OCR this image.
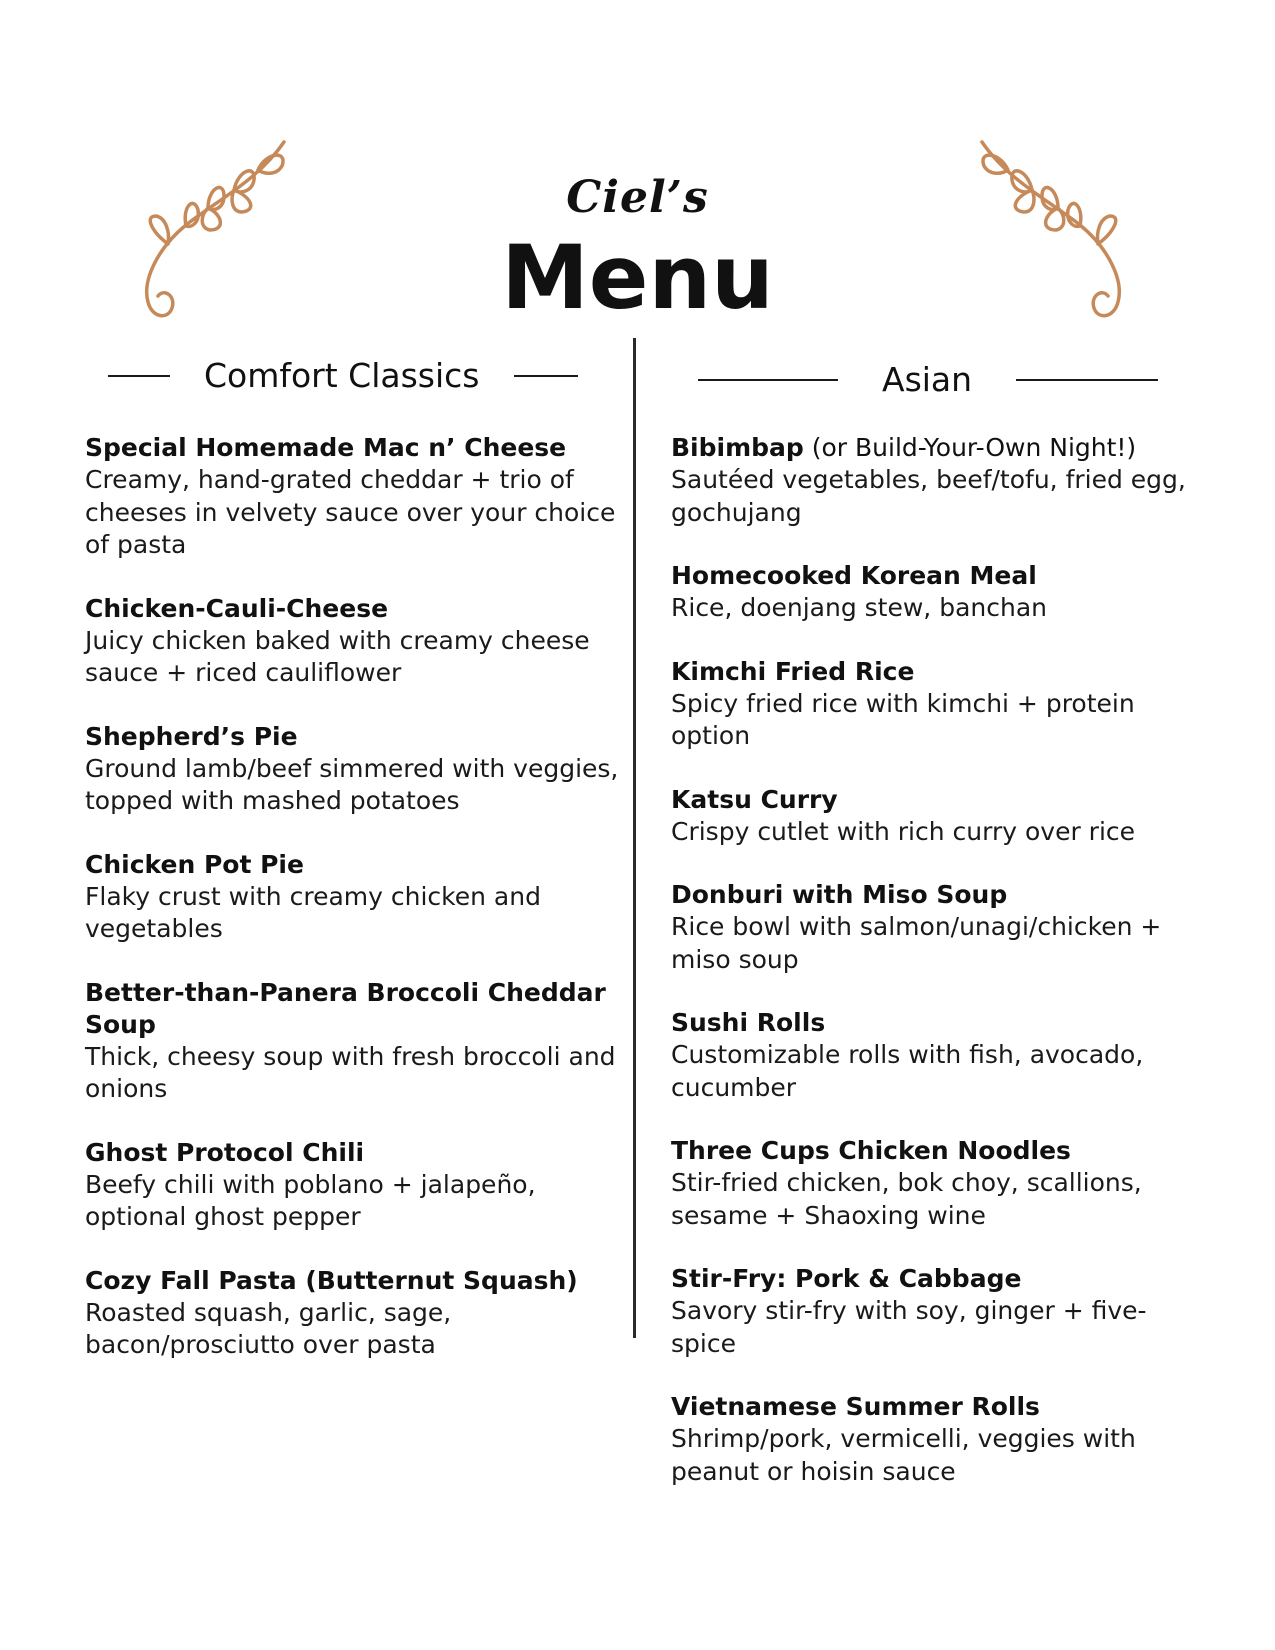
Ciel’s
Menu
Comfort Classics	Asian
Special Homemade Mac n’ Cheese
Creamy, hand-grated cheddar + trio of cheeses in velvety sauce over your choice of pasta
Chicken-Cauli-Cheese
Juicy chicken baked with creamy cheese sauce + riced cauliflower
Shepherd’s Pie
Ground lamb/beef simmered with veggies, topped with mashed potatoes
Chicken Pot Pie
Flaky crust with creamy chicken and vegetables
Better-than-Panera Broccoli Cheddar Soup
Thick, cheesy soup with fresh broccoli and onions
Ghost Protocol Chili
Beefy chili with poblano + jalapeño, optional ghost pepper
Cozy Fall Pasta (Butternut Squash)
Roasted squash, garlic, sage, bacon/prosciutto over pasta
Bibimbap (or Build-Your-Own Night!)
Sautéed vegetables, beef/tofu, fried egg, gochujang
Homecooked Korean Meal
Rice, doenjang stew, banchan
Kimchi Fried Rice
Spicy fried rice with kimchi + protein option
Katsu Curry
Crispy cutlet with rich curry over rice
Donburi with Miso Soup
Rice bowl with salmon/unagi/chicken + miso soup
Sushi Rolls
Customizable rolls with fish, avocado, cucumber
Three Cups Chicken Noodles
Stir-fried chicken, bok choy, scallions, sesame + Shaoxing wine
Stir-Fry: Pork & Cabbage
Savory stir-fry with soy, ginger + five-spice
Vietnamese Summer Rolls
Shrimp/pork, vermicelli, veggies with peanut or hoisin sauce
